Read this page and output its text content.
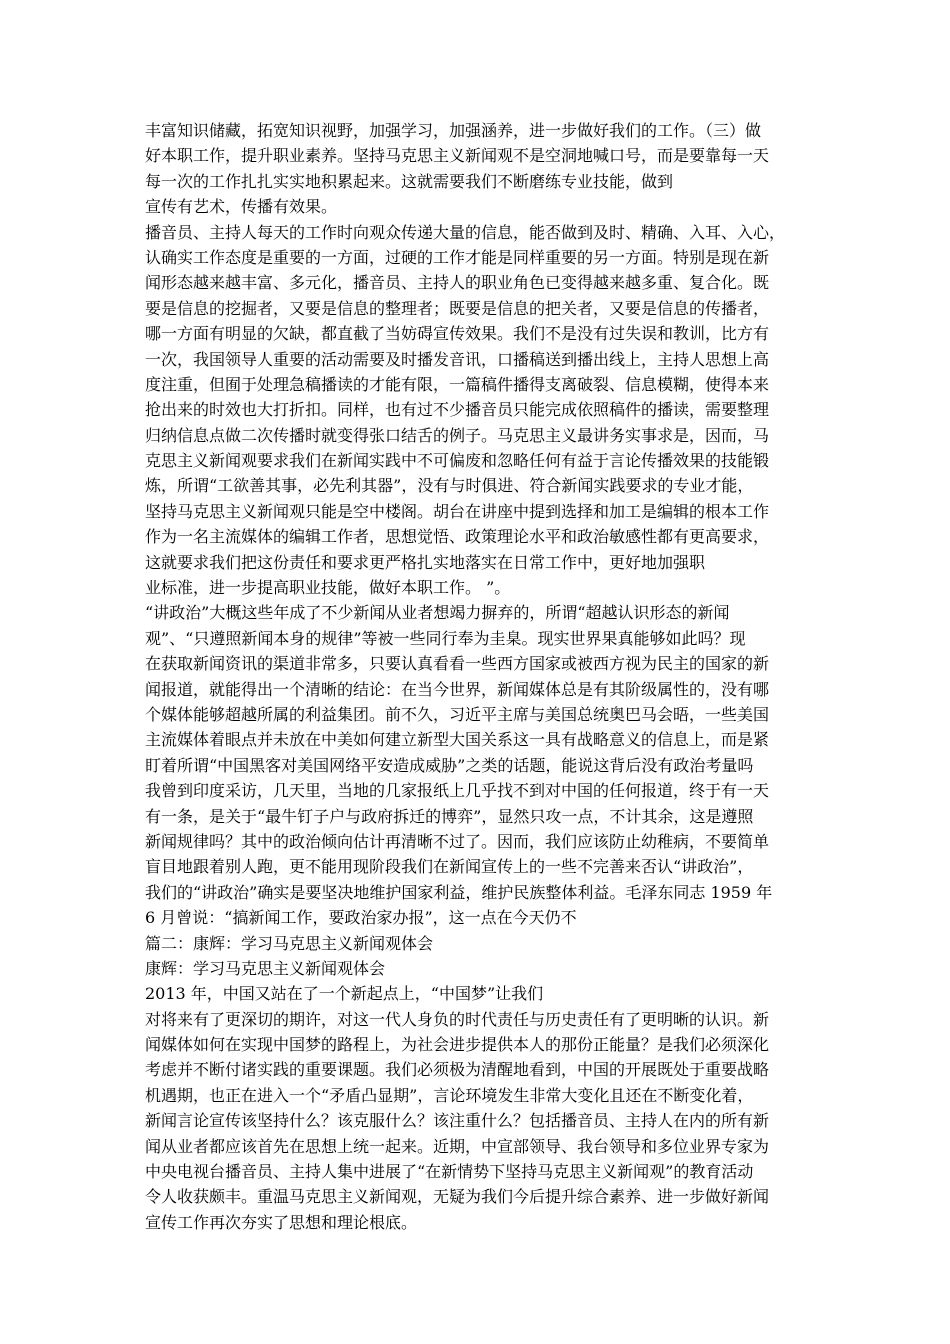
丰富知识储藏，拓宽知识视野，加强学习，加强涵养，进一步做好我们的工作。（三）做
好本职工作，提升职业素养。坚持马克思主义新闻观不是空洞地喊口号，而是要靠每一天
每一次的工作扎扎实实地积累起来。这就需要我们不断磨练专业技能，做到
宣传有艺术，传播有效果。
播音员、主持人每天的工作时向观众传递大量的信息，能否做到及时、精确、入耳、入心，
认确实工作态度是重要的一方面，过硬的工作才能是同样重要的另一方面。特别是现在新
闻形态越来越丰富、多元化，播音员、主持人的职业角色已变得越来越多重、复合化。既
要是信息的挖掘者，又要是信息的整理者；既要是信息的把关者，又要是信息的传播者，
哪一方面有明显的欠缺，都直截了当妨碍宣传效果。我们不是没有过失误和教训，比方有
一次，我国领导人重要的活动需要及时播发音讯，口播稿送到播出线上，主持人思想上高
度注重，但囿于处理急稿播读的才能有限，一篇稿件播得支离破裂、信息模糊，使得本来
抢出来的时效也大打折扣。同样，也有过不少播音员只能完成依照稿件的播读，需要整理
归纳信息点做二次传播时就变得张口结舌的例子。马克思主义最讲务实事求是，因而，马
克思主义新闻观要求我们在新闻实践中不可偏废和忽略任何有益于言论传播效果的技能锻
炼，所谓“工欲善其事，必先利其器”，没有与时俱进、符合新闻实践要求的专业才能，
坚持马克思主义新闻观只能是空中楼阁。胡台在讲座中提到选择和加工是编辑的根本工作
作为一名主流媒体的编辑工作者，思想觉悟、政策理论水平和政治敏感性都有更高要求，
这就要求我们把这份责任和要求更严格扎实地落实在日常工作中，更好地加强职
业标准，进一步提高职业技能，做好本职工作。 ”。
“讲政治”大概这些年成了不少新闻从业者想竭力摒弃的，所谓“超越认识形态的新闻
观”、“只遵照新闻本身的规律”等被一些同行奉为圭臬。现实世界果真能够如此吗？现
在获取新闻资讯的渠道非常多，只要认真看看一些西方国家或被西方视为民主的国家的新
闻报道，就能得出一个清晰的结论：在当今世界，新闻媒体总是有其阶级属性的，没有哪
个媒体能够超越所属的利益集团。前不久，习近平主席与美国总统奥巴马会晤，一些美国
主流媒体着眼点并未放在中美如何建立新型大国关系这一具有战略意义的信息上，而是紧
盯着所谓“中国黑客对美国网络平安造成威胁”之类的话题，能说这背后没有政治考量吗
我曾到印度采访，几天里，当地的几家报纸上几乎找不到对中国的任何报道，终于有一天
有一条，是关于“最牛钉子户与政府拆迁的博弈”，显然只攻一点，不计其余，这是遵照
新闻规律吗？其中的政治倾向估计再清晰不过了。因而，我们应该防止幼稚病，不要简单
盲目地跟着别人跑，更不能用现阶段我们在新闻宣传上的一些不完善来否认“讲政治”，
我们的“讲政治”确实是要坚决地维护国家利益，维护民族整体利益。毛泽东同志 1959 年
6 月曾说：“搞新闻工作，要政治家办报”，这一点在今天仍不
篇二：康辉：学习马克思主义新闻观体会
康辉：学习马克思主义新闻观体会
2013 年，中国又站在了一个新起点上，“中国梦”让我们
对将来有了更深切的期许，对这一代人身负的时代责任与历史责任有了更明晰的认识。新
闻媒体如何在实现中国梦的路程上，为社会进步提供本人的那份正能量？是我们必须深化
考虑并不断付诸实践的重要课题。我们必须极为清醒地看到，中国的开展既处于重要战略
机遇期，也正在进入一个“矛盾凸显期”，言论环境发生非常大变化且还在不断变化着，
新闻言论宣传该坚持什么？该克服什么？该注重什么？包括播音员、主持人在内的所有新
闻从业者都应该首先在思想上统一起来。近期，中宣部领导、我台领导和多位业界专家为
中央电视台播音员、主持人集中进展了“在新情势下坚持马克思主义新闻观”的教育活动
令人收获颇丰。重温马克思主义新闻观，无疑为我们今后提升综合素养、进一步做好新闻
宣传工作再次夯实了思想和理论根底。
